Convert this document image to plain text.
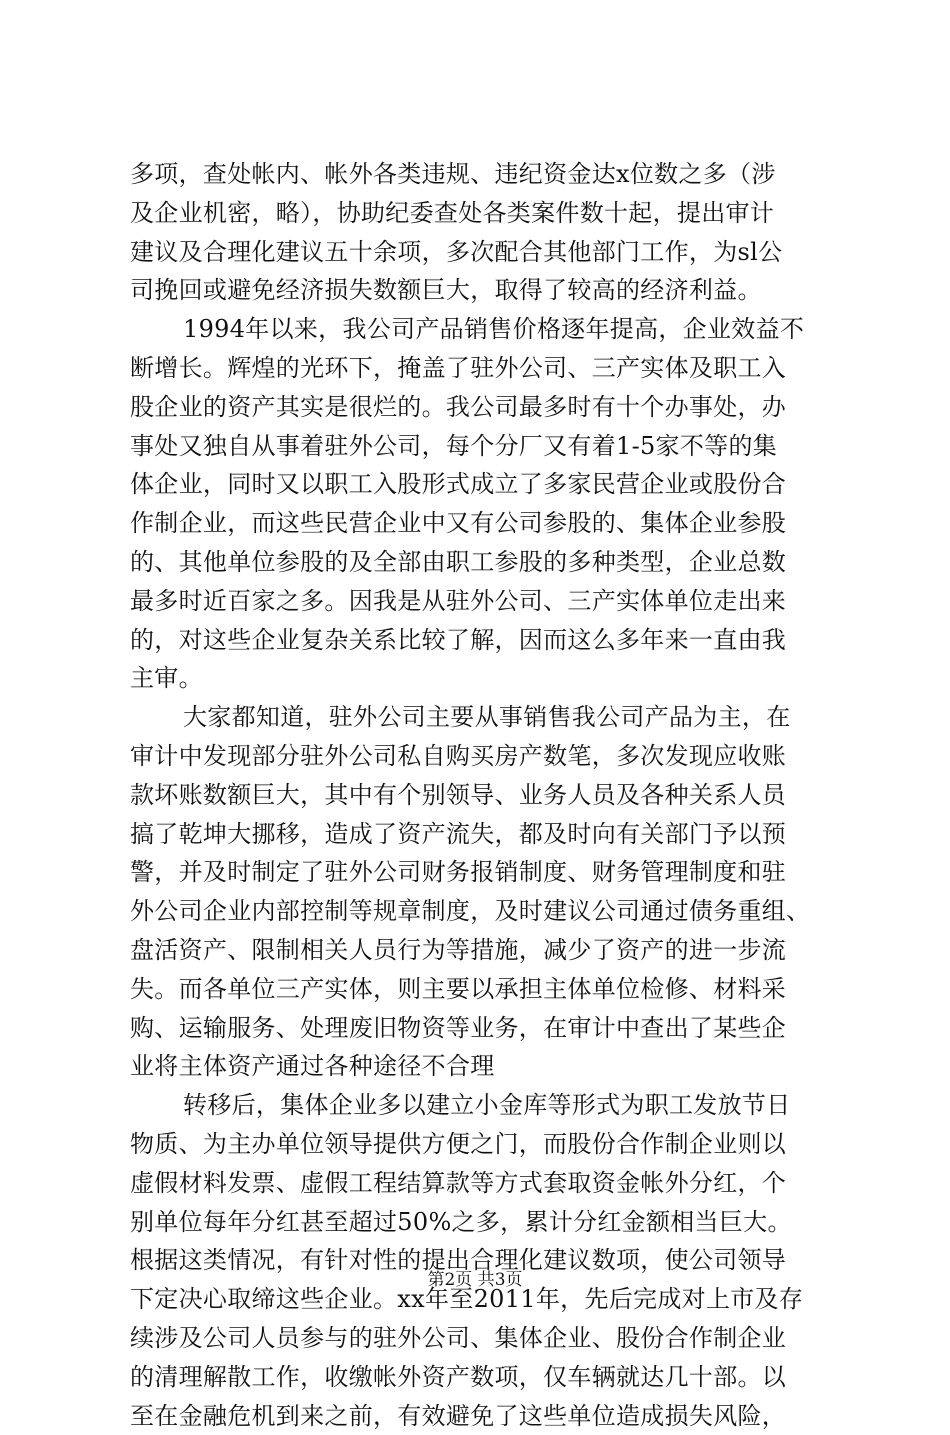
多项，查处帐内、帐外各类违规、违纪资金达x位数之多（涉
及企业机密，略），协助纪委查处各类案件数十起，提出审计
建议及合理化建议五十余项，多次配合其他部门工作，为sl公
司挽回或避免经济损失数额巨大，取得了较高的经济利益。
1994年以来，我公司产品销售价格逐年提高，企业效益不
断增长。辉煌的光环下，掩盖了驻外公司、三产实体及职工入
股企业的资产其实是很烂的。我公司最多时有十个办事处，办
事处又独自从事着驻外公司，每个分厂又有着1-5家不等的集
体企业，同时又以职工入股形式成立了多家民营企业或股份合
作制企业，而这些民营企业中又有公司参股的、集体企业参股
的、其他单位参股的及全部由职工参股的多种类型，企业总数
最多时近百家之多。因我是从驻外公司、三产实体单位走出来
的，对这些企业复杂关系比较了解，因而这么多年来一直由我
主审。
大家都知道，驻外公司主要从事销售我公司产品为主，在
审计中发现部分驻外公司私自购买房产数笔，多次发现应收账
款坏账数额巨大，其中有个别领导、业务人员及各种关系人员
搞了乾坤大挪移，造成了资产流失，都及时向有关部门予以预
警，并及时制定了驻外公司财务报销制度、财务管理制度和驻
外公司企业内部控制等规章制度，及时建议公司通过债务重组、
盘活资产、限制相关人员行为等措施，减少了资产的进一步流
失。而各单位三产实体，则主要以承担主体单位检修、材料采
购、运输服务、处理废旧物资等业务，在审计中查出了某些企
业将主体资产通过各种途径不合理
转移后，集体企业多以建立小金库等形式为职工发放节日
物质、为主办单位领导提供方便之门，而股份合作制企业则以
虚假材料发票、虚假工程结算款等方式套取资金帐外分红，个
别单位每年分红甚至超过50%之多，累计分红金额相当巨大。
根据这类情况，有针对性的提出合理化建议数项，使公司领导
下定决心取缔这些企业。xx年至2011年，先后完成对上市及存
续涉及公司人员参与的驻外公司、集体企业、股份合作制企业
的清理解散工作，收缴帐外资产数项，仅车辆就达几十部。以
至在金融危机到来之前，有效避免了这些单位造成损失风险，
第2页 共3页
